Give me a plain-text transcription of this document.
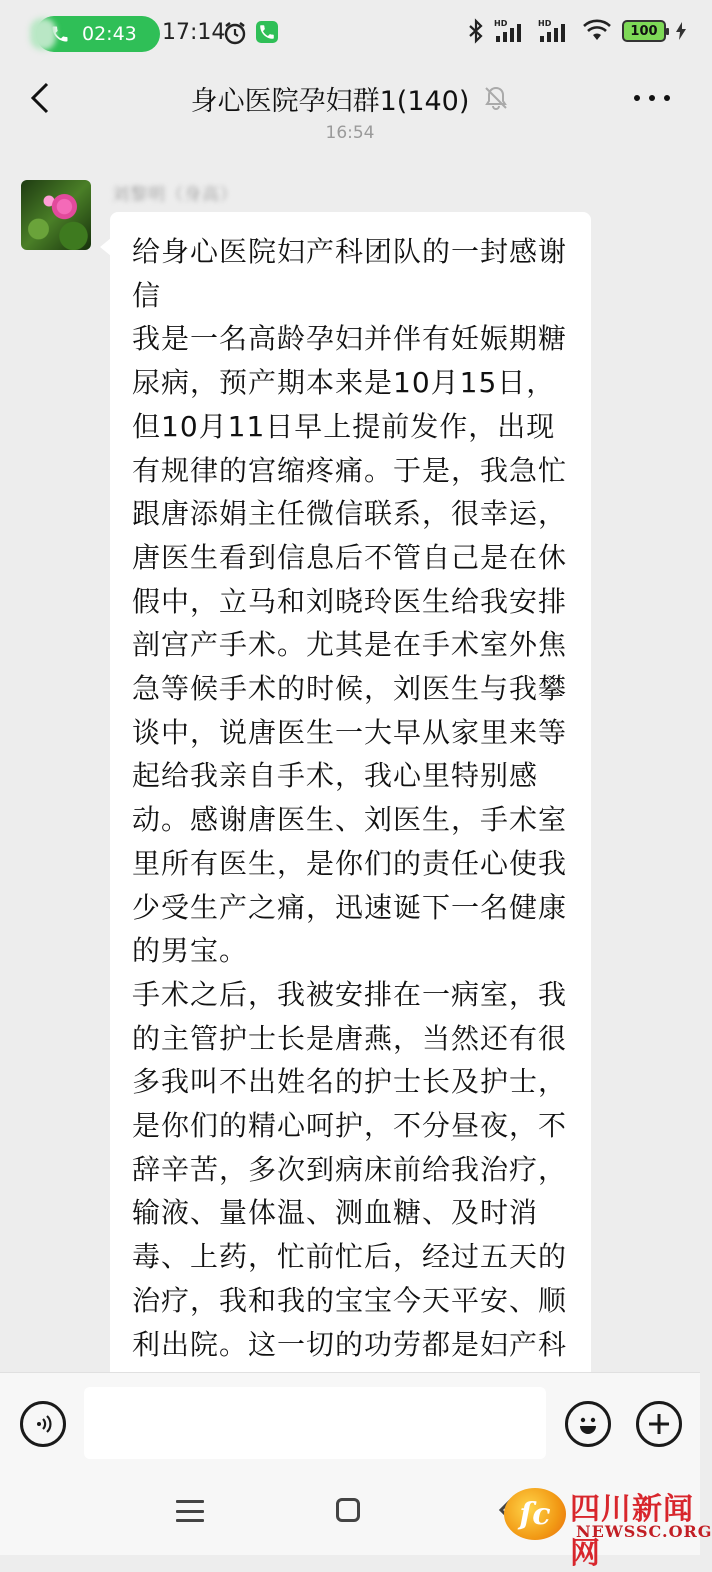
02:43 17:14	HD	HD	100
身心医院孕妇群1(140)
16:54
刘黎明（身高）
给身心医院妇产科团队的一封感谢信
我是一名高龄孕妇并伴有妊娠期糖尿病，预产期本来是10月15日，但10月11日早上提前发作，出现有规律的宫缩疼痛。于是，我急忙跟唐添娟主任微信联系，很幸运，唐医生看到信息后不管自己是在休假中，立马和刘晓玲医生给我安排剖宫产手术。尤其是在手术室外焦急等候手术的时候，刘医生与我攀谈中，说唐医生一大早从家里来等起给我亲自手术，我心里特别感动。感谢唐医生、刘医生，手术室里所有医生，是你们的责任心使我少受生产之痛，迅速诞下一名健康的男宝。
手术之后，我被安排在一病室，我的主管护士长是唐燕，当然还有很多我叫不出姓名的护士长及护士，是你们的精心呵护，不分昼夜，不辞辛苦，多次到病床前给我治疗，输液、量体温、测血糖、及时消毒、上药，忙前忙后，经过五天的治疗，我和我的宝宝今天平安、顺利出院。这一切的功劳都是妇产科
ſc 四川新闻网
NEWSSC.ORG
